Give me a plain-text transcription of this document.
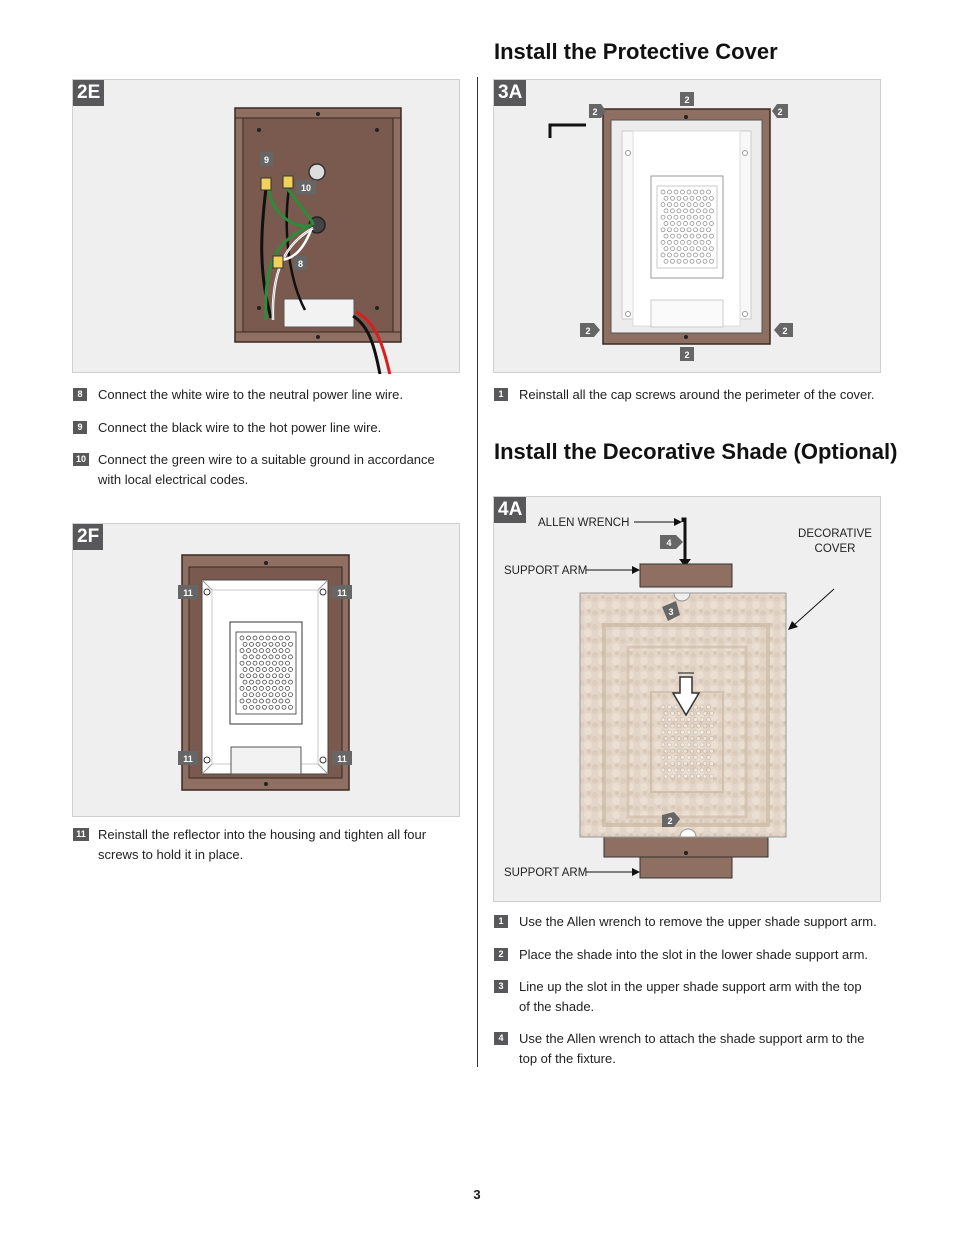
Install the Protective Cover
Install the Decorative Shade (Optional)
2E
9
10
8
8	Connect the white wire to the neutral power line wire.
9	Connect the black wire to the hot power line wire.
10 Connect the green wire to a suitable ground in accordance
with local electrical codes.
2F
11	11
11	11
11 Reinstall the reflector into the housing and tighten all four
screws to hold it in place.
3A	2
2	2
2	2
2
1	Reinstall all the cap screws around the perimeter of the cover.
4A
4
3
2
ALLEN WRENCH
SUPPORT ARM
SUPPORT ARM
DECORATIVE
COVER
1	Use the Allen wrench to remove the upper shade support arm.
2	Place the shade into the slot in the lower shade support arm.
3	Line up the slot in the upper shade support arm with the top
of the shade.
4	Use the Allen wrench to attach the shade support arm to the
top of the fixture.
3
